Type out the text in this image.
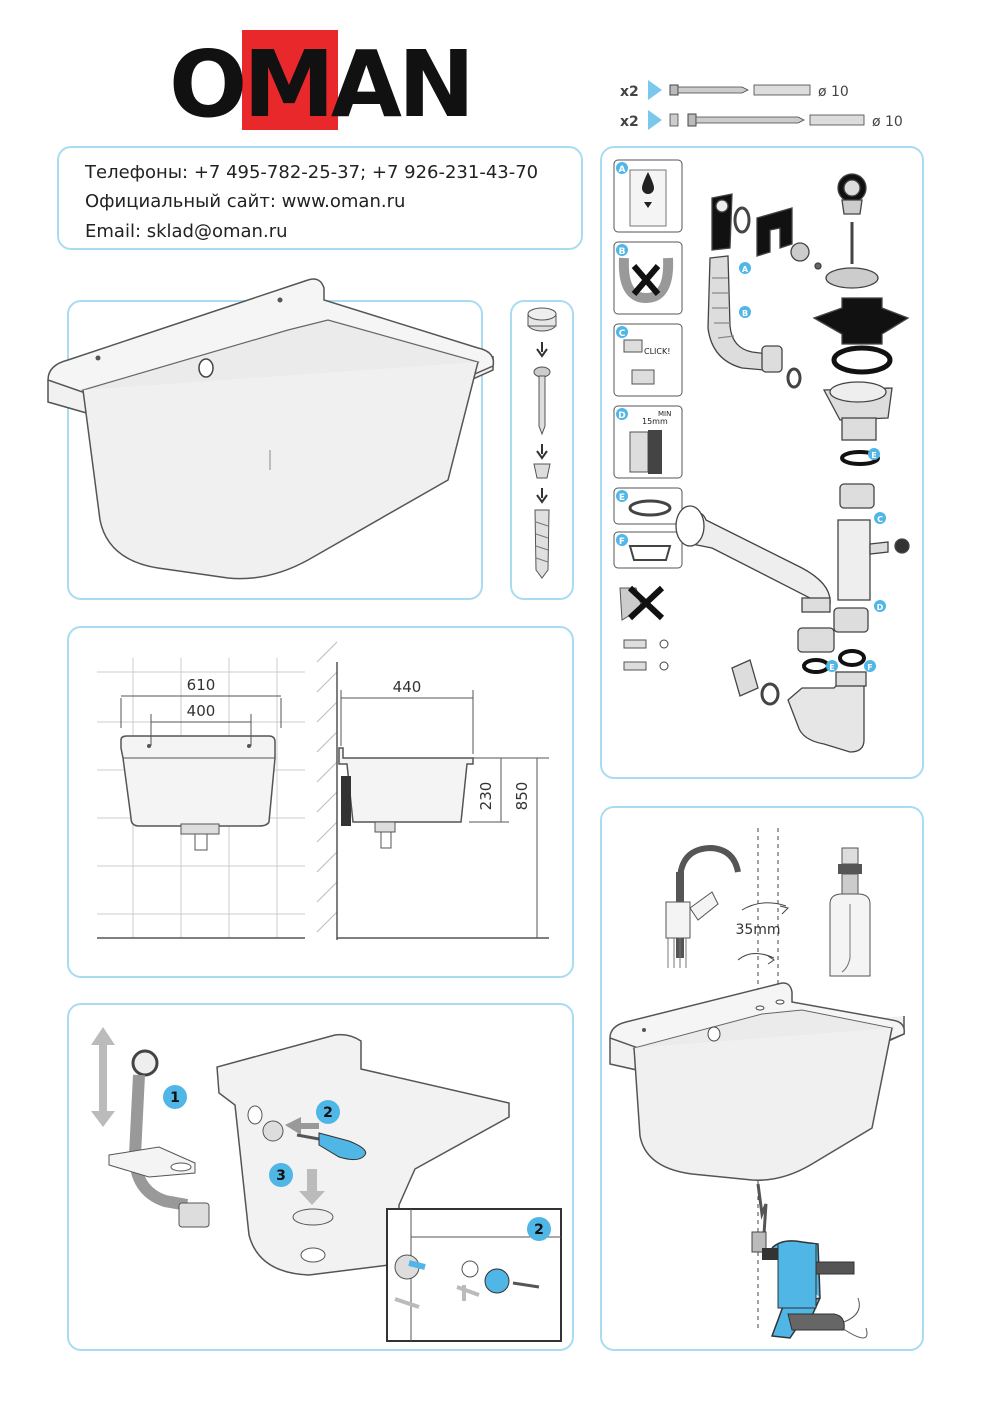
OMAN	x2	ø 10
x2	ø 10
Телефоны: +7 495-782-25-37; +7 926-231-43-70
Официальный сайт: www.oman.ru
Email: sklad@oman.ru
A
B
C
CLICK!
D	MIN
15mm
E
F
A
B
C
D
E
E	F
610
400
440
230 850
1
2
3
2
35mm
